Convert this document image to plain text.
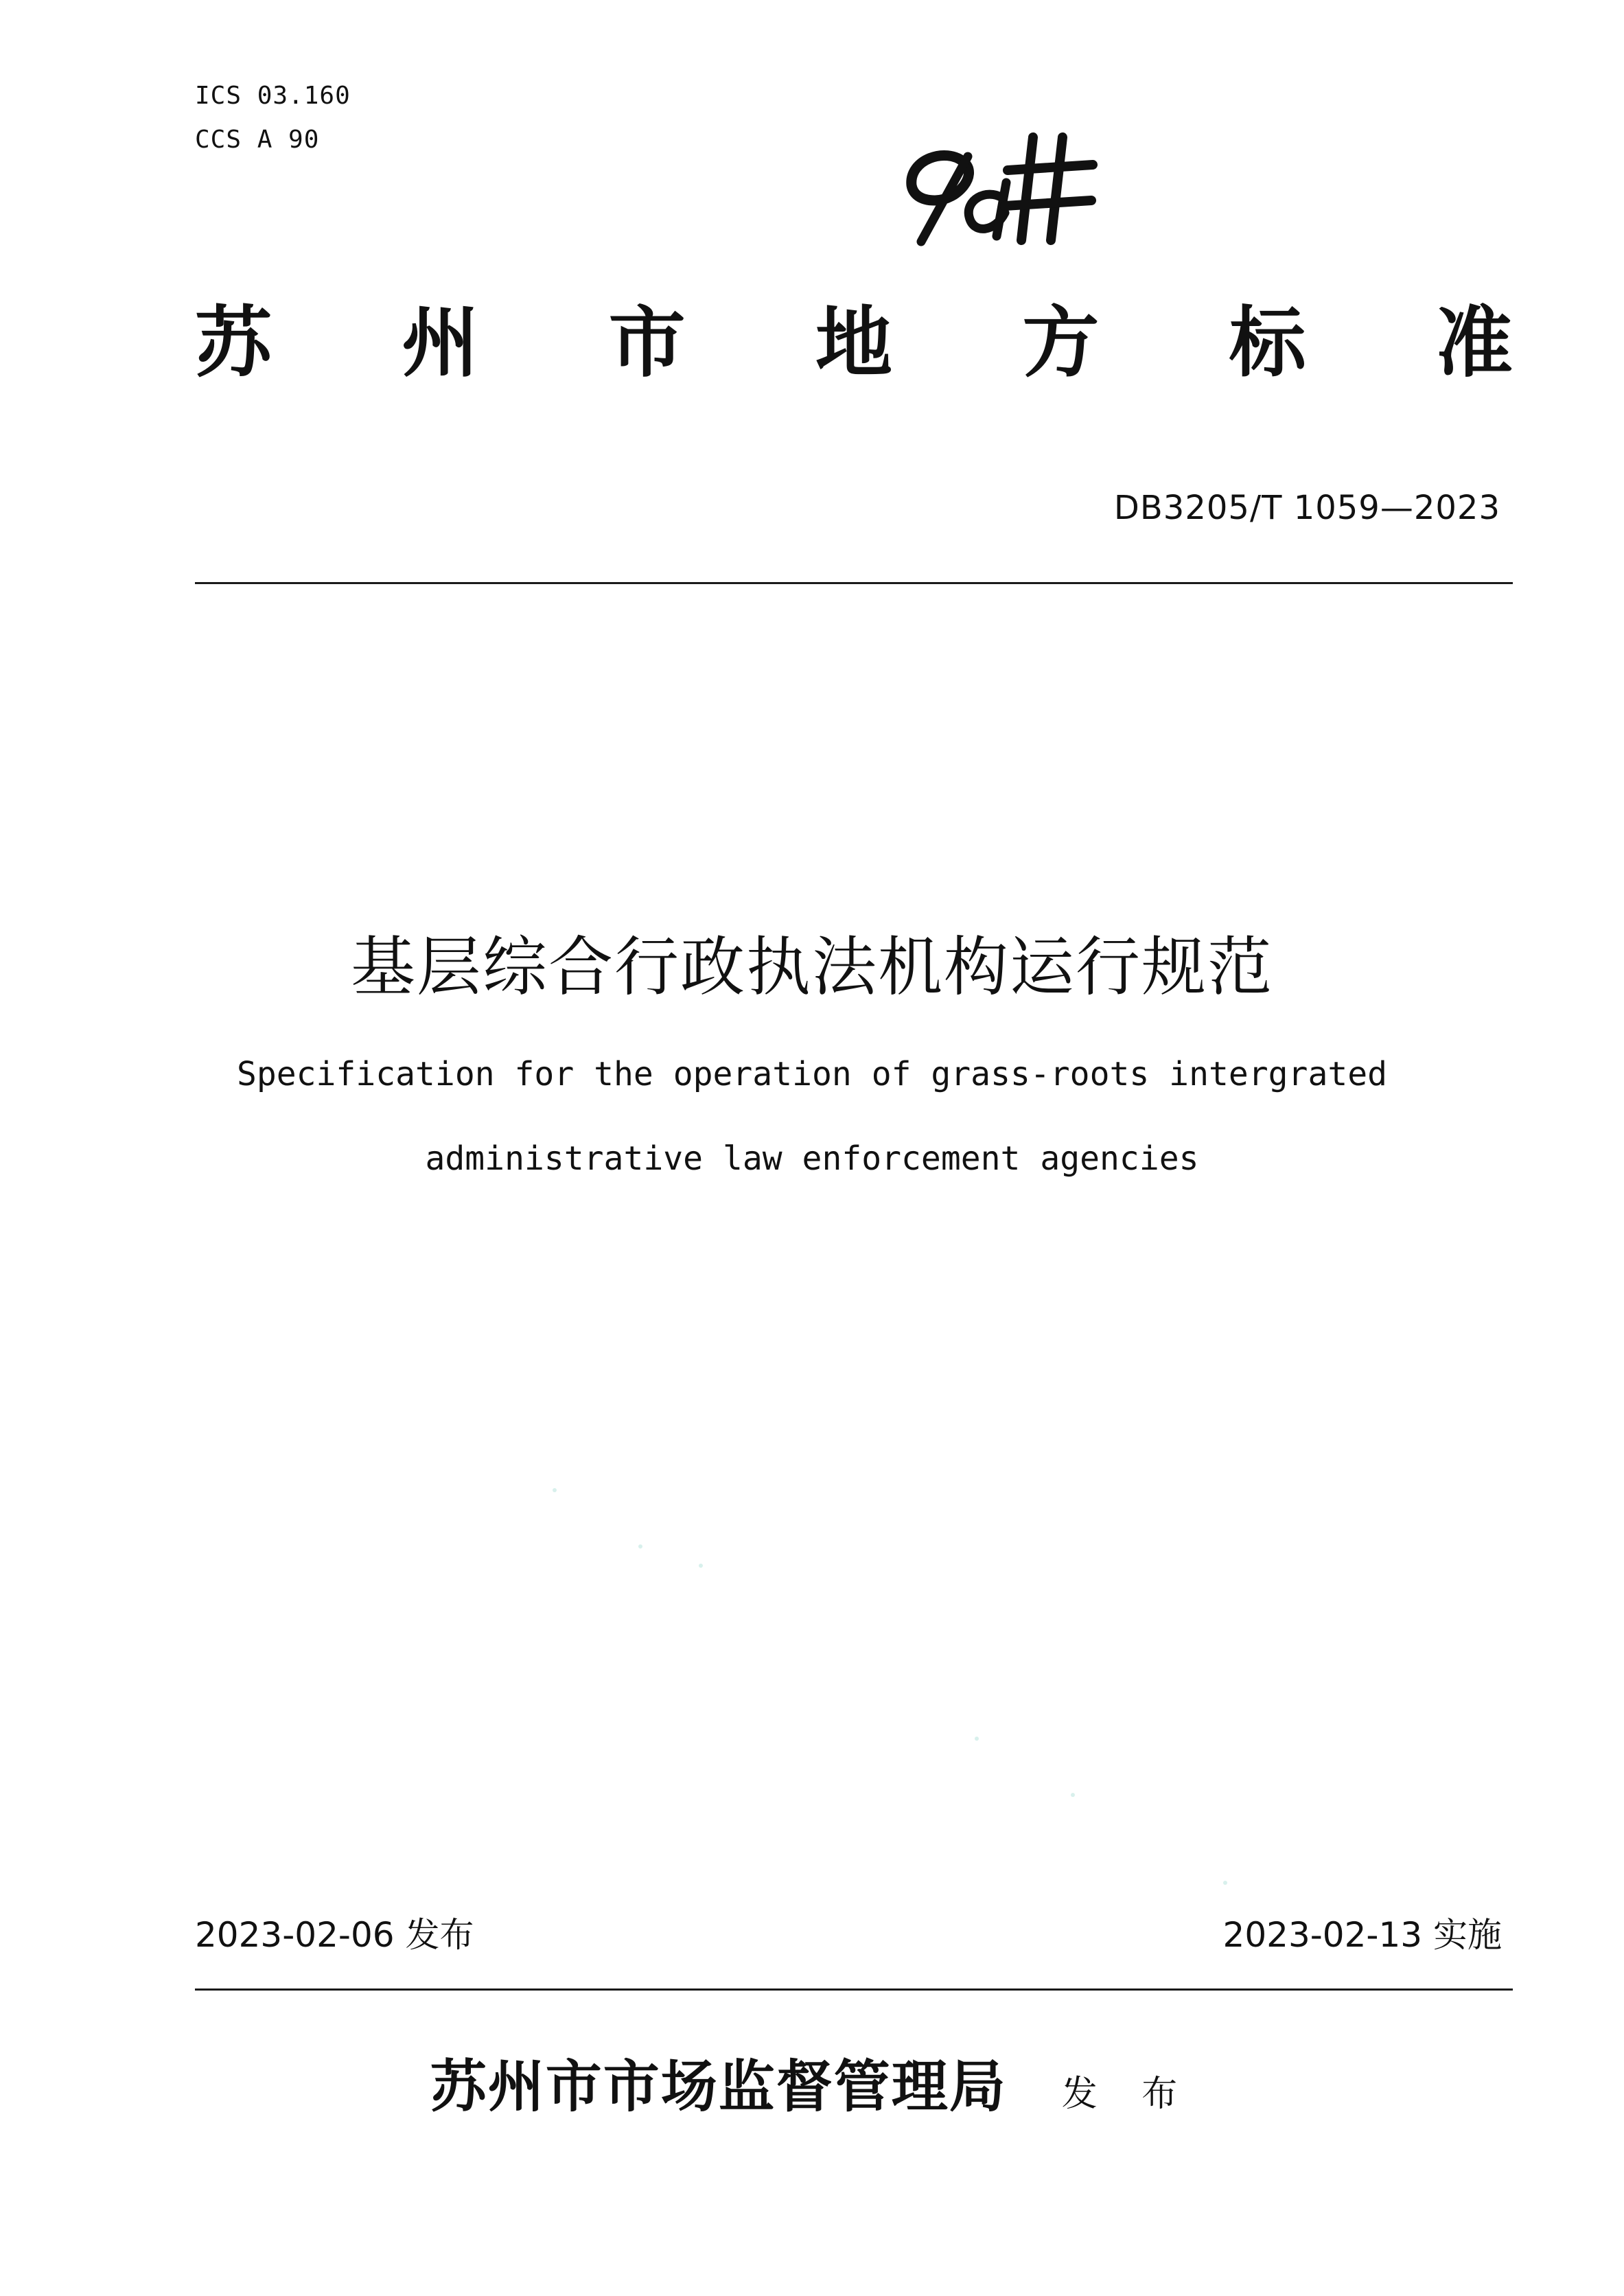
ICS 03.160
CCS A 90
苏 州 市 地 方 标 准
DB3205/T 1059—2023
基层综合行政执法机构运行规范
Specification for the operation of grass-roots intergrated
administrative law enforcement agencies
2023-02-06 发布	2023-02-13 实施
苏州市市场监督管理局 发 布
